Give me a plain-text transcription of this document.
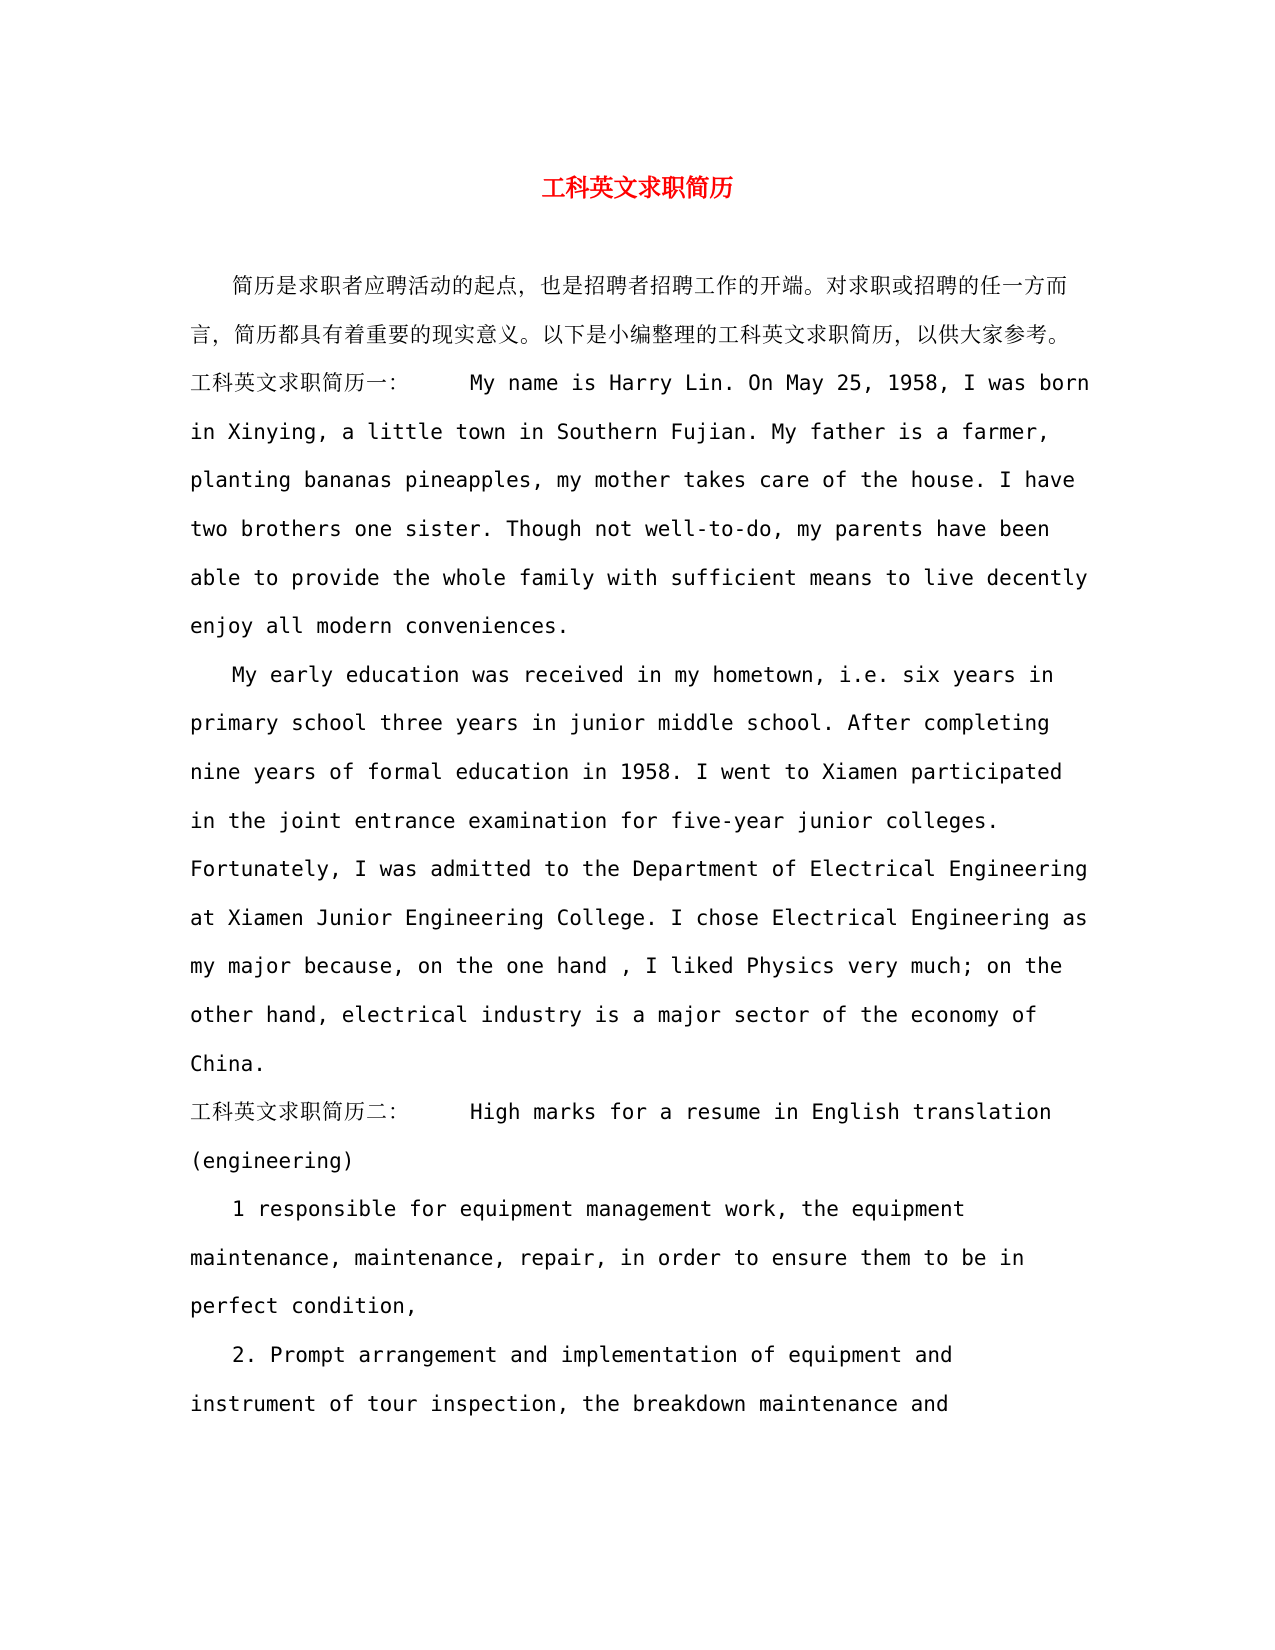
工科英文求职简历

简历是求职者应聘活动的起点，也是招聘者招聘工作的开端。对求职或招聘的任一方而言，简历都具有着重要的现实意义。以下是小编整理的工科英文求职简历，以供大家参考。

工科英文求职简历一：	My name is Harry Lin. On May 25, 1958, I was born in Xinying, a little town in Southern Fujian. My father is a farmer, planting bananas pineapples, my mother takes care of the house. I have two brothers one sister. Though not well-to-do, my parents have been able to provide the whole family with sufficient means to live decently enjoy all modern conveniences.

My early education was received in my hometown, i.e. six years in primary school three years in junior middle school. After completing nine years of formal education in 1958. I went to Xiamen participated in the joint entrance examination for five-year junior colleges. Fortunately, I was admitted to the Department of Electrical Engineering at Xiamen Junior Engineering College. I chose Electrical Engineering as my major because, on the one hand , I liked Physics very much; on the other hand, electrical industry is a major sector of the economy of China.

工科英文求职简历二：	High marks for a resume in English translation (engineering)

1 responsible for equipment management work, the equipment maintenance, maintenance, repair, in order to ensure them to be in perfect condition,

2. Prompt arrangement and implementation of equipment and instrument of tour inspection, the breakdown maintenance and
